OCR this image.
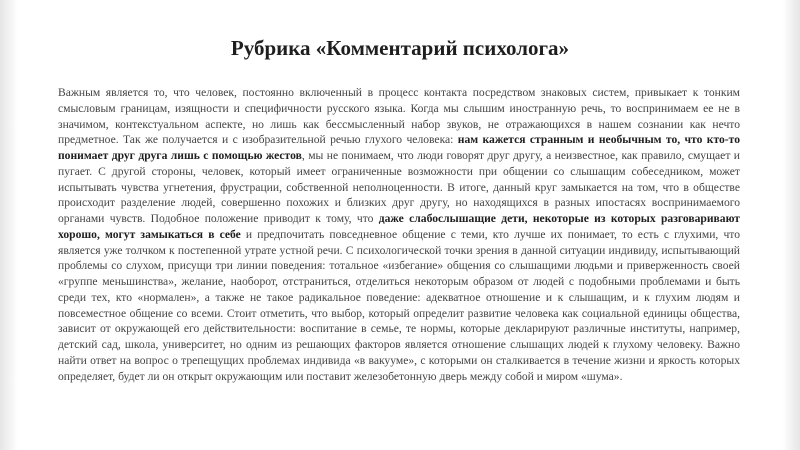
Рубрика «Комментарий психолога»

Важным является то, что человек, постоянно включенный в процесс контакта посредством знаковых систем, привыкает к тонким смысловым границам, изящности и специфичности русского языка. Когда мы слышим иностранную речь, то воспринимаем ее не в значимом, контекстуальном аспекте, но лишь как бессмысленный набор звуков, не отражающихся в нашем сознании как нечто предметное. Так же получается и с изобразительной речью глухого человека: нам кажется странным и необычным то, что кто-то понимает друг друга лишь с помощью жестов, мы не понимаем, что люди говорят друг другу, а неизвестное, как правило, смущает и пугает. С другой стороны, человек, который имеет ограниченные возможности при общении со слышащим собеседником, может испытывать чувства угнетения, фрустрации, собственной неполноценности. В итоге, данный круг замыкается на том, что в обществе происходит разделение людей, совершенно похожих и близких друг другу, но находящихся в разных ипостасях воспринимаемого органами чувств. Подобное положение приводит к тому, что даже слабослышащие дети, некоторые из которых разговаривают хорошо, могут замыкаться в себе и предпочитать повседневное общение с теми, кто лучше их понимает, то есть с глухими, что является уже толчком к постепенной утрате устной речи. С психологической точки зрения в данной ситуации индивиду, испытывающий проблемы со слухом, присущи три линии поведения: тотальное «избегание» общения со слышащими людьми и приверженность своей «группе меньшинства», желание, наоборот, отстраниться, отделиться некоторым образом от людей с подобными проблемами и быть среди тех, кто «нормален», а также не такое радикальное поведение: адекватное отношение и к слышащим, и к глухим людям и повсеместное общение со всеми. Стоит отметить, что выбор, который определит развитие человека как социальной единицы общества, зависит от окружающей его действительности: воспитание в семье, те нормы, которые декларируют различные институты, например, детский сад, школа, университет, но одним из решающих факторов является отношение слышащих людей к глухому человеку. Важно найти ответ на вопрос о трепещущих проблемах индивида «в вакууме», с которыми он сталкивается в течение жизни и яркость которых определяет, будет ли он открыт окружающим или поставит железобетонную дверь между собой и миром «шума».
